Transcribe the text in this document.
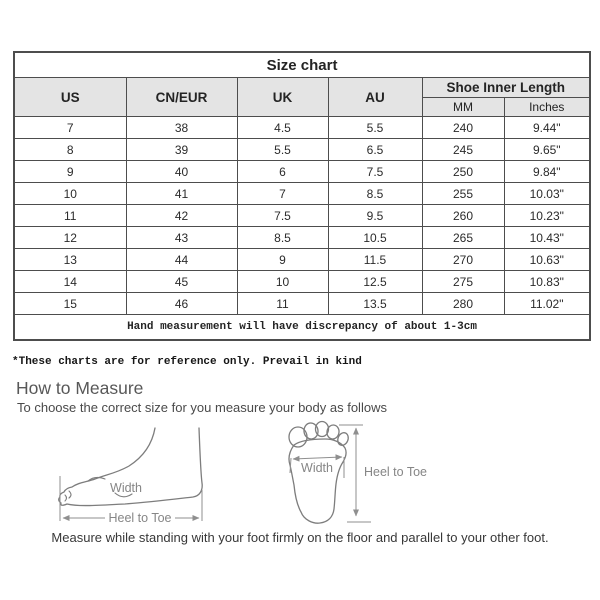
Size chart					
US	CN/EUR	UK	AU	Shoe Inner Length	
				MM	Inches
7	38	4.5	5.5	240	9.44"
8	39	5.5	6.5	245	9.65"
9	40	6	7.5	250	9.84"
10	41	7	8.5	255	10.03"
11	42	7.5	9.5	260	10.23"
12	43	8.5	10.5	265	10.43"
13	44	9	11.5	270	10.63"
14	45	10	12.5	275	10.83"
15	46	11	13.5	280	11.02"
Hand measurement will have discrepancy of about 1-3cm					
*These charts are for reference only. Prevail in kind
How to Measure
To choose the correct size for you measure your body as follows
Width
Heel to Toe
Width Heel to Toe
Measure while standing with your foot firmly on the floor and parallel to your other foot.
